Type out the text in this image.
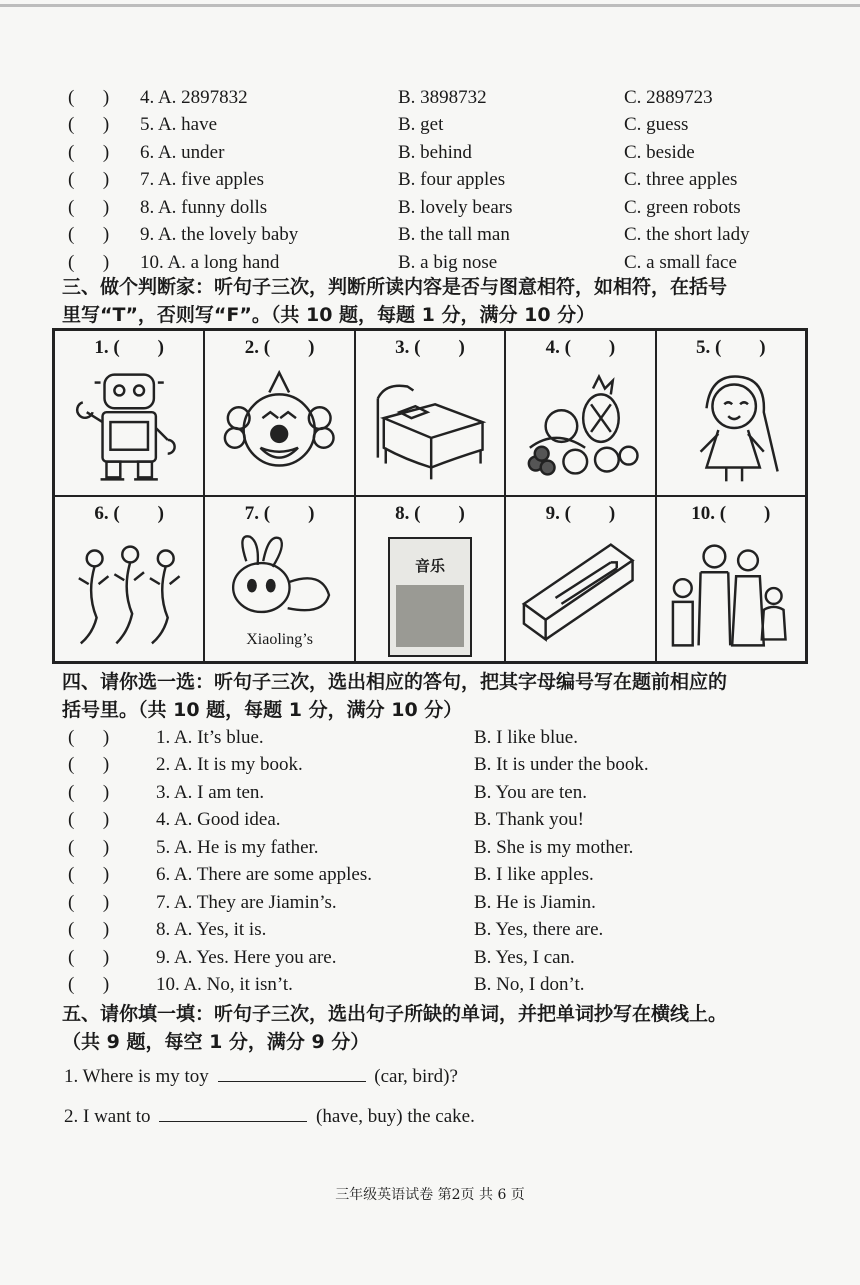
(      )	4. A. 2897832	B. 3898732	C. 2889723
(      )	5. A. have	B. get	C. guess
(      )	6. A. under	B. behind	C. beside
(      )	7. A. five apples	B. four apples	C. three apples
(      )	8. A. funny dolls	B. lovely bears	C. green robots
(      )	9. A. the lovely baby	B. the tall man	C. the short lady
(      )	10. A. a long hand	B. a big nose	C. a small face
三、做个判断家：听句子三次，判断所读内容是否与图意相符，如相符，在括号
里写“T”，否则写“F”。（共 10 题，每题 1 分，满分 10 分）
1. (        )	2. (        )	3. (        )	4. (        )	5. (        )
6. (        )	7. (        )
Xiaoling’s
8. (        )
音乐
9. (        )	10. (        )
四、请你选一选：听句子三次，选出相应的答句，把其字母编号写在题前相应的
括号里。（共 10 题，每题 1 分，满分 10 分）
(      )	1. A. It’s blue.	B. I like blue.
(      )	2. A. It is my book.	B. It is under the book.
(      )	3. A. I am ten.	B. You are ten.
(      )	4. A. Good idea.	B. Thank you!
(      )	5. A. He is my father.	B. She is my mother.
(      )	6. A. There are some apples.	B. I like apples.
(      )	7. A. They are Jiamin’s.	B. He is Jiamin.
(      )	8. A. Yes, it is.	B. Yes, there are.
(      )	9. A. Yes. Here you are.	B. Yes, I can.
(      )	10. A. No, it isn’t.	B. No, I don’t.
五、请你填一填：听句子三次，选出句子所缺的单词，并把单词抄写在横线上。
（共 9 题，每空 1 分，满分 9 分）
1. Where is my toy	(car, bird)?
2. I want to	(have, buy) the cake.
三年级英语试卷 第2页 共 6 页
